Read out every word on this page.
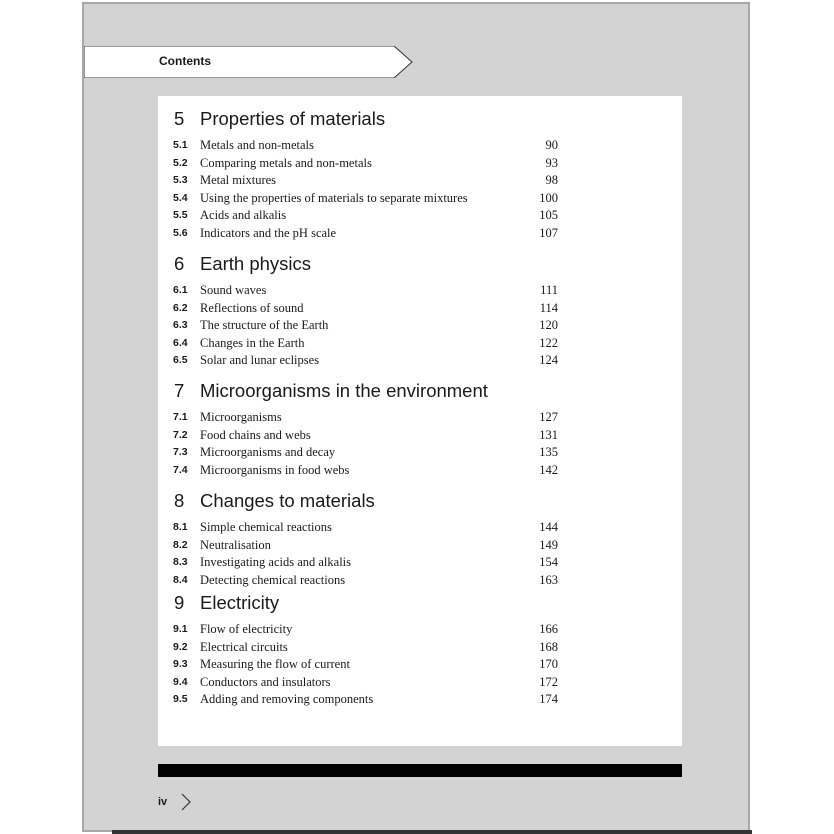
Contents
5 Properties of materials
5.1 Metals and non-metals	90
5.2 Comparing metals and non-metals	93
5.3 Metal mixtures	98
5.4 Using the properties of materials to separate mixtures	100
5.5 Acids and alkalis	105
5.6 Indicators and the pH scale	107
6 Earth physics
6.1 Sound waves	111
6.2 Reflections of sound	114
6.3 The structure of the Earth	120
6.4 Changes in the Earth	122
6.5 Solar and lunar eclipses	124
7 Microorganisms in the environment
7.1 Microorganisms	127
7.2 Food chains and webs	131
7.3 Microorganisms and decay	135
7.4 Microorganisms in food webs	142
8 Changes to materials
8.1 Simple chemical reactions	144
8.2 Neutralisation	149
8.3 Investigating acids and alkalis	154
8.4 Detecting chemical reactions	163
9 Electricity
9.1 Flow of electricity	166
9.2 Electrical circuits	168
9.3 Measuring the flow of current	170
9.4 Conductors and insulators	172
9.5 Adding and removing components	174
iv
